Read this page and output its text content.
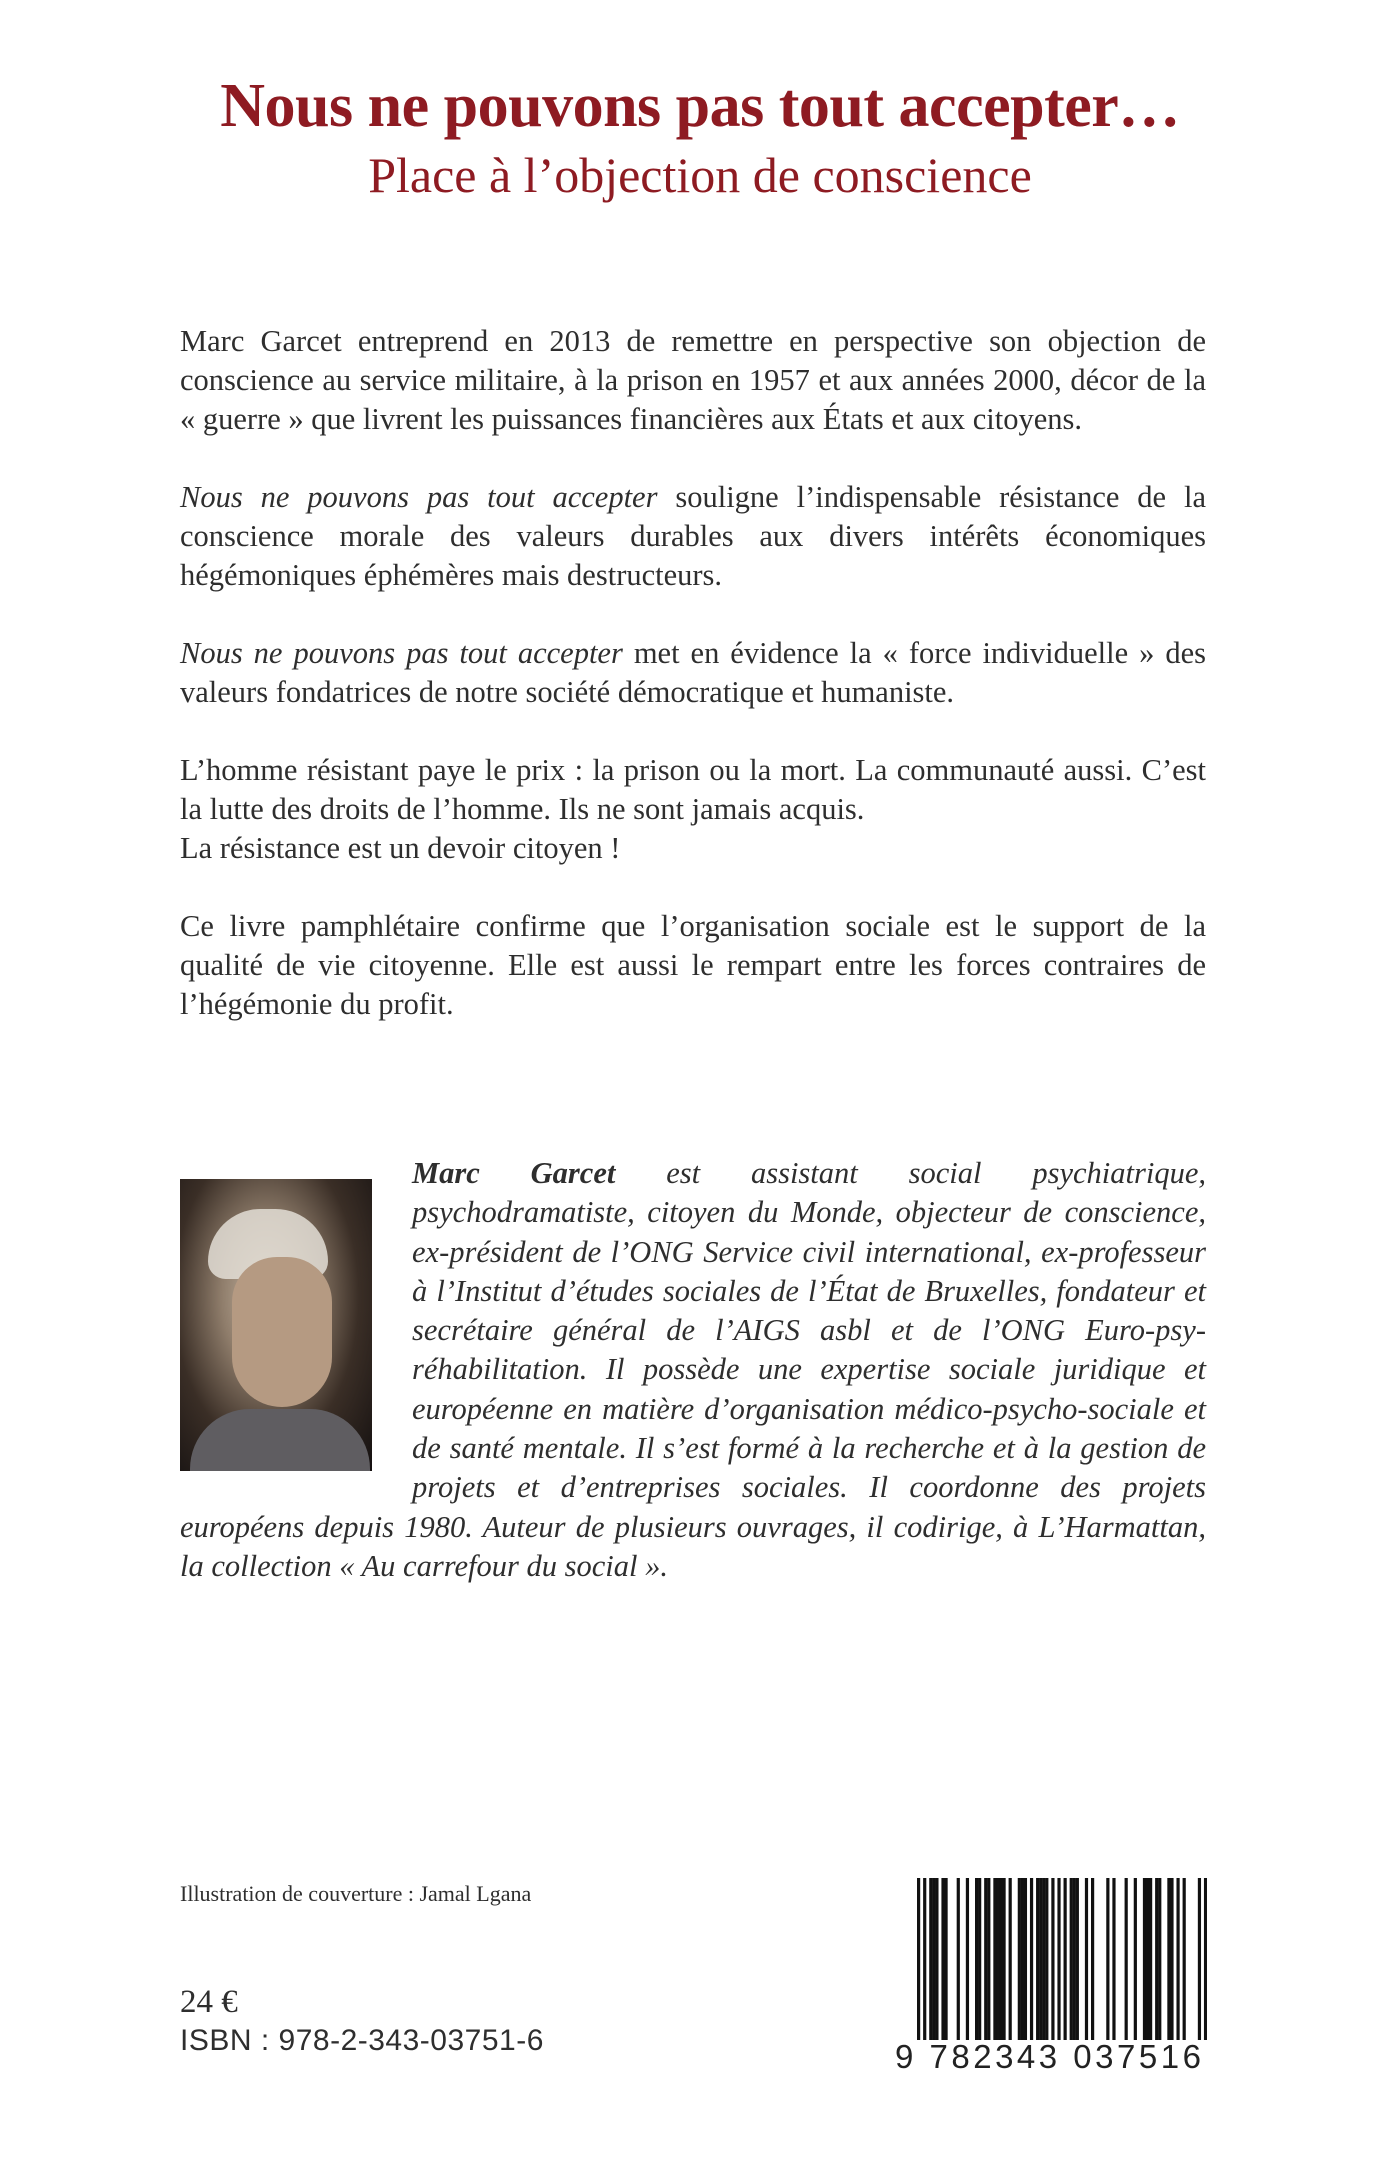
Nous ne pouvons pas tout accepter…
Place à l’objection de conscience

Marc Garcet entreprend en 2013 de remettre en perspective son objection de conscience au service militaire, à la prison en 1957 et aux années 2000, décor de la « guerre » que livrent les puissances financières aux États et aux citoyens.

Nous ne pouvons pas tout accepter souligne l’indispensable résistance de la conscience morale des valeurs durables aux divers intérêts économiques hégémoniques éphémères mais destructeurs.

Nous ne pouvons pas tout accepter met en évidence la « force individuelle » des valeurs fondatrices de notre société démocratique et humaniste.

L’homme résistant paye le prix : la prison ou la mort. La communauté aussi. C’est la lutte des droits de l’homme. Ils ne sont jamais acquis.

La résistance est un devoir citoyen !

Ce livre pamphlétaire confirme que l’organisation sociale est le support de la qualité de vie citoyenne. Elle est aussi le rempart entre les forces contraires de l’hégémonie du profit.

Marc Garcet est assistant social psychiatrique, psychodramatiste, citoyen du Monde, objecteur de conscience, ex-président de l’ONG Service civil international, ex-professeur à l’Institut d’études sociales de l’État de Bruxelles, fondateur et secrétaire général de l’AIGS asbl et de l’ONG Euro-psy-réhabilitation. Il possède une expertise sociale juridique et européenne en matière d’organisation médico-psycho-sociale et de santé mentale. Il s’est formé à la recherche et à la gestion de projets et d’entreprises sociales. Il coordonne des projets européens depuis 1980. Auteur de plusieurs ouvrages, il codirige, à L’Harmattan, la collection « Au carrefour du social ».
Illustration de couverture : Jamal Lgana
24 €
ISBN : 978-2-343-03751-6	9 782343 037516
